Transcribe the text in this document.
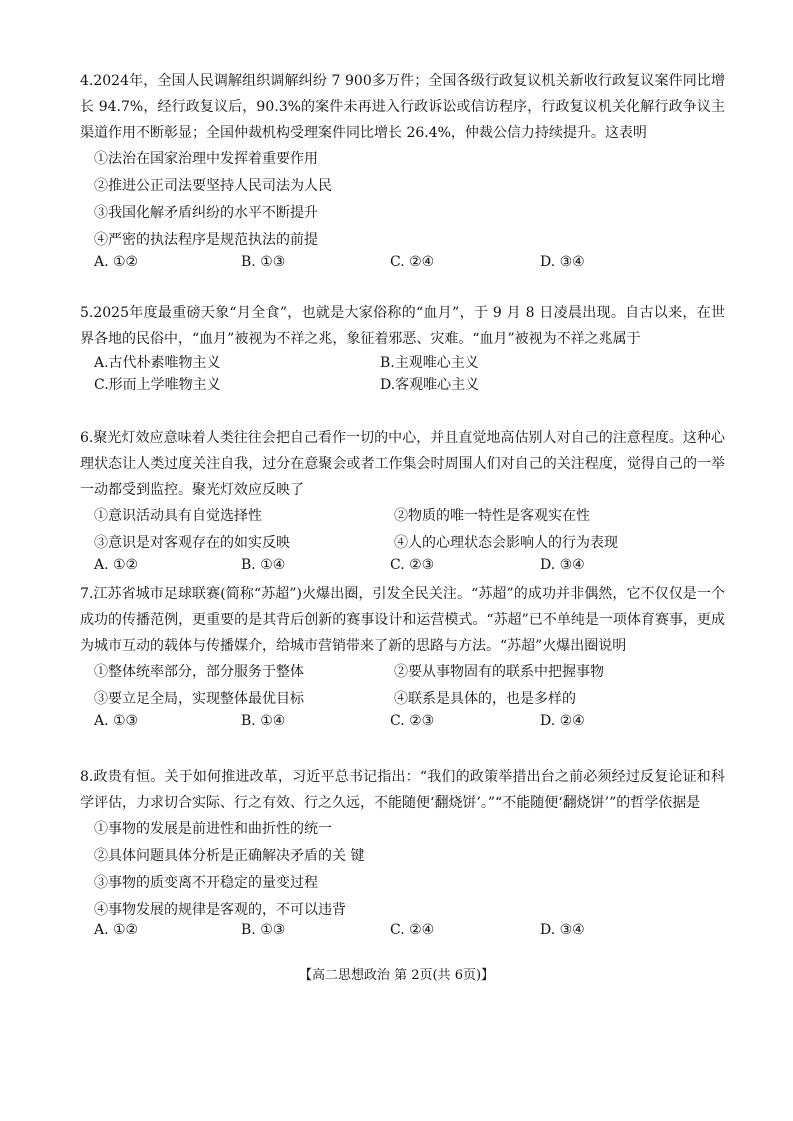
4.2024年，全国人民调解组织调解纠纷 7 900多万件；全国各级行政复议机关新收行政复议案件同比增长 94.7%，经行政复议后，90.3%的案件未再进入行政诉讼或信访程序，行政复议机关化解行政争议主渠道作用不断彰显；全国仲裁机构受理案件同比增长 26.4%，仲裁公信力持续提升。这表明

①法治在国家治理中发挥着重要作用
②推进公正司法要坚持人民司法为人民
③我国化解矛盾纠纷的水平不断提升
④严密的执法程序是规范执法的前提
A. ①②	B. ①③	C. ②④	D. ③④

5.2025年度最重磅天象“月全食”，也就是大家俗称的“血月”，于 9 月 8 日凌晨出现。自古以来，在世界各地的民俗中，“血月”被视为不祥之兆，象征着邪恶、灾难。“血月”被视为不祥之兆属于

A.古代朴素唯物主义	B.主观唯心主义
C.形而上学唯物主义	D.客观唯心主义

6.聚光灯效应意味着人类往往会把自己看作一切的中心，并且直觉地高估别人对自己的注意程度。这种心理状态让人类过度关注自我，过分在意聚会或者工作集会时周围人们对自己的关注程度，觉得自己的一举一动都受到监控。聚光灯效应反映了

①意识活动具有自觉选择性	②物质的唯一特性是客观实在性
③意识是对客观存在的如实反映	④人的心理状态会影响人的行为表现
A. ①②	B. ①④	C. ②③	D. ③④

7.江苏省城市足球联赛(简称“苏超”)火爆出圈，引发全民关注。“苏超”的成功并非偶然，它不仅仅是一个成功的传播范例，更重要的是其背后创新的赛事设计和运营模式。“苏超”已不单纯是一项体育赛事，更成为城市互动的载体与传播媒介，给城市营销带来了新的思路与方法。“苏超”火爆出圈说明

①整体统率部分，部分服务于整体	②要从事物固有的联系中把握事物
③要立足全局，实现整体最优目标	④联系是具体的，也是多样的
A. ①③	B. ①④	C. ②③	D. ②④

8.政贵有恒。关于如何推进改革，习近平总书记指出：“我们的政策举措出台之前必须经过反复论证和科学评估，力求切合实际、行之有效、行之久远，不能随便‘翻烧饼’。”“不能随便‘翻烧饼’”的哲学依据是

①事物的发展是前进性和曲折性的统一
②具体问题具体分析是正确解决矛盾的关 键
③事物的质变离不开稳定的量变过程
④事物发展的规律是客观的，不可以违背
A. ①②	B. ①③	C. ②④	D. ③④
【高二思想政治 第 2页(共 6页)】
